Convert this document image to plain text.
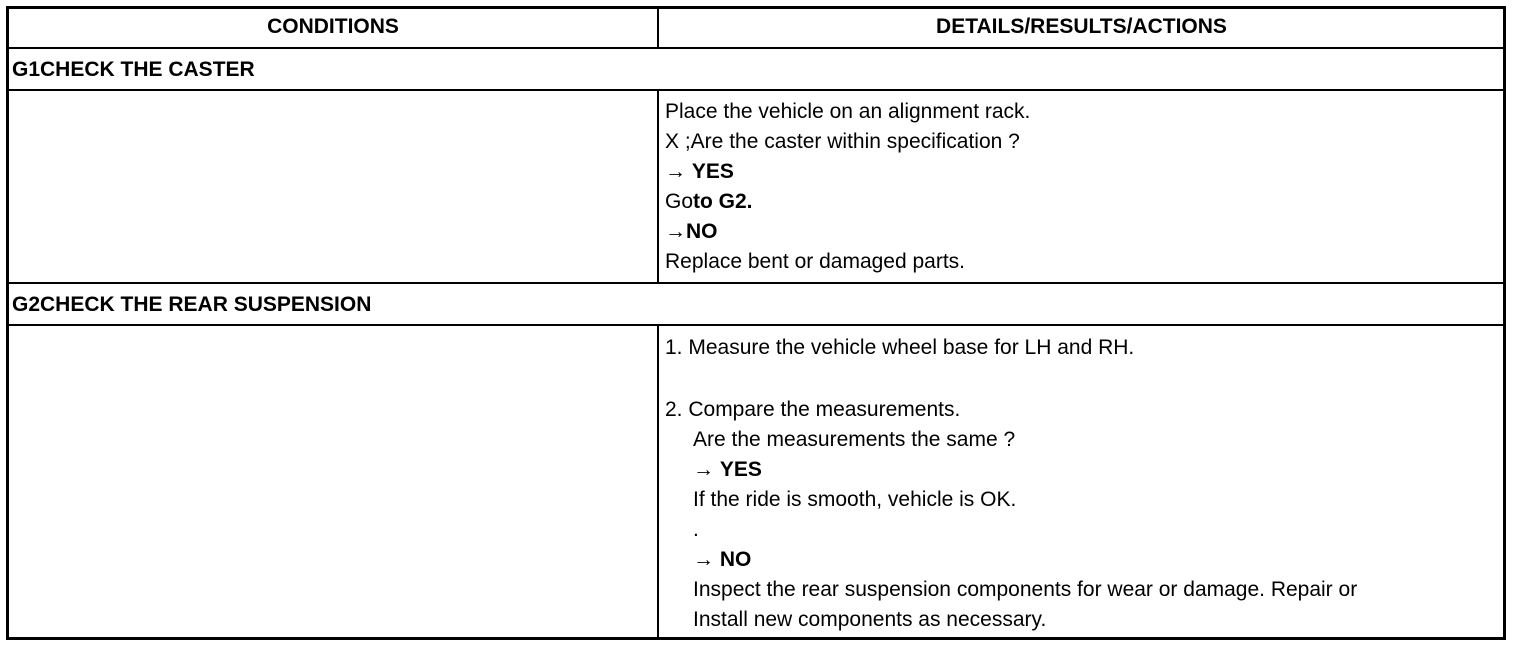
CONDITIONS	DETAILS/RESULTS/ACTIONS
G1CHECK THE CASTER
Place the vehicle on an alignment rack.
X ;Are the caster within specification ?
→ YES
Goto G2.
→NO
Replace bent or damaged parts.
G2CHECK THE REAR SUSPENSION
1. Measure the vehicle wheel base for LH and RH.
2. Compare the measurements.
Are the measurements the same ?
→ YES
If the ride is smooth, vehicle is OK.
.
→ NO
Inspect the rear suspension components for wear or damage. Repair or
Install new components as necessary.
